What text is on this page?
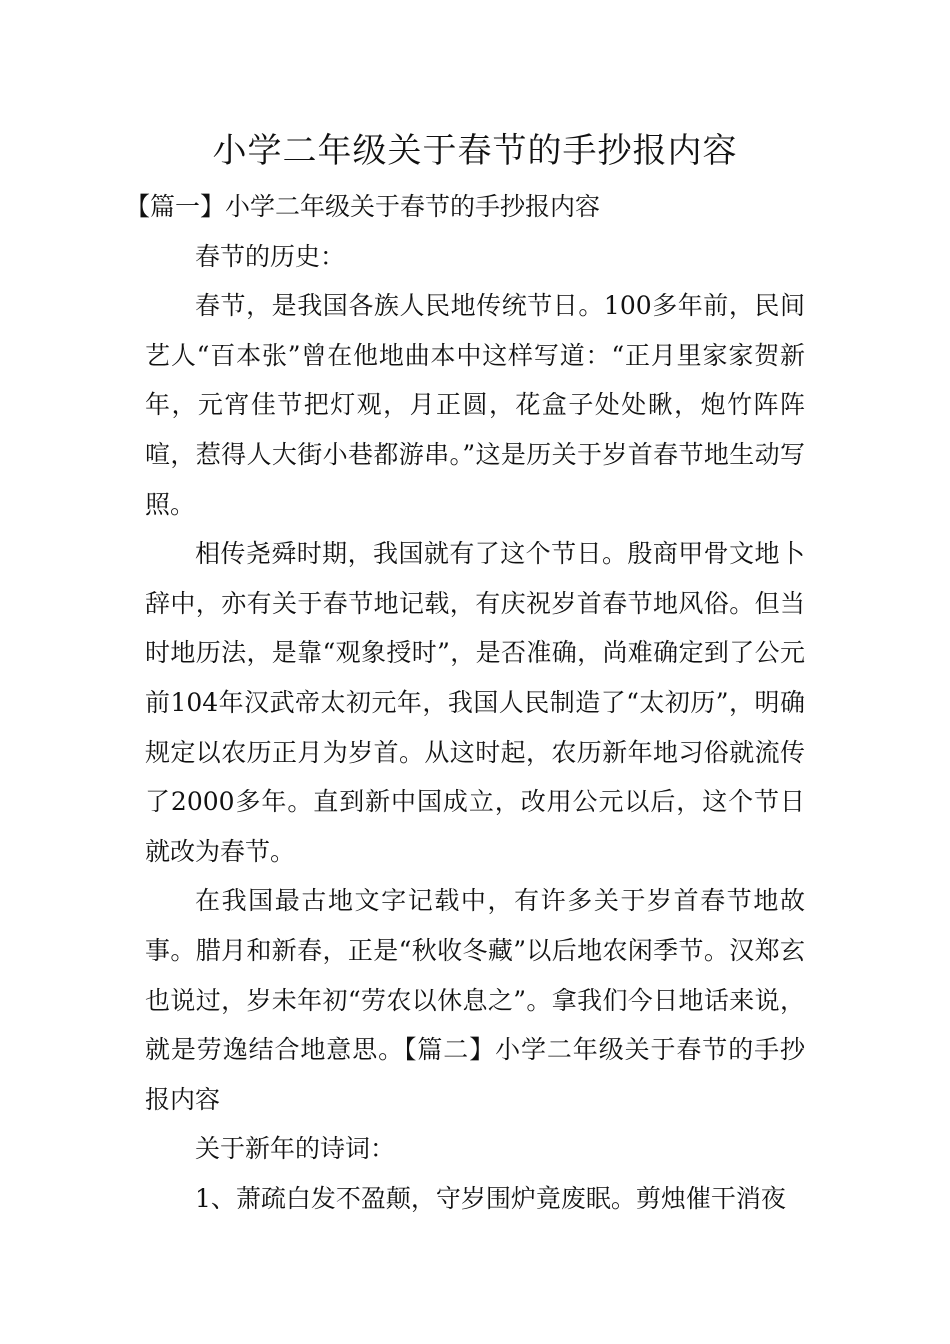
小学二年级关于春节的手抄报内容

【篇一】小学二年级关于春节的手抄报内容

春节的历史：

春节，是我国各族人民地传统节日。100多年前，民间艺人“百本张”曾在他地曲本中这样写道：“正月里家家贺新年，元宵佳节把灯观，月正圆，花盒子处处瞅，炮竹阵阵喧，惹得人大街小巷都游串。”这是历关于岁首春节地生动写照。

相传尧舜时期，我国就有了这个节日。殷商甲骨文地卜辞中，亦有关于春节地记载，有庆祝岁首春节地风俗。但当时地历法，是靠“观象授时”，是否准确，尚难确定到了公元前104年汉武帝太初元年，我国人民制造了“太初历”，明确规定以农历正月为岁首。从这时起，农历新年地习俗就流传了2000多年。直到新中国成立，改用公元以后，这个节日就改为春节。

在我国最古地文字记载中，有许多关于岁首春节地故事。腊月和新春，正是“秋收冬藏”以后地农闲季节。汉郑玄也说过，岁未年初“劳农以休息之”。拿我们今日地话来说，就是劳逸结合地意思。【篇二】小学二年级关于春节的手抄报内容

关于新年的诗词：

1、萧疏白发不盈颠，守岁围炉竟废眠。剪烛催干消夜
